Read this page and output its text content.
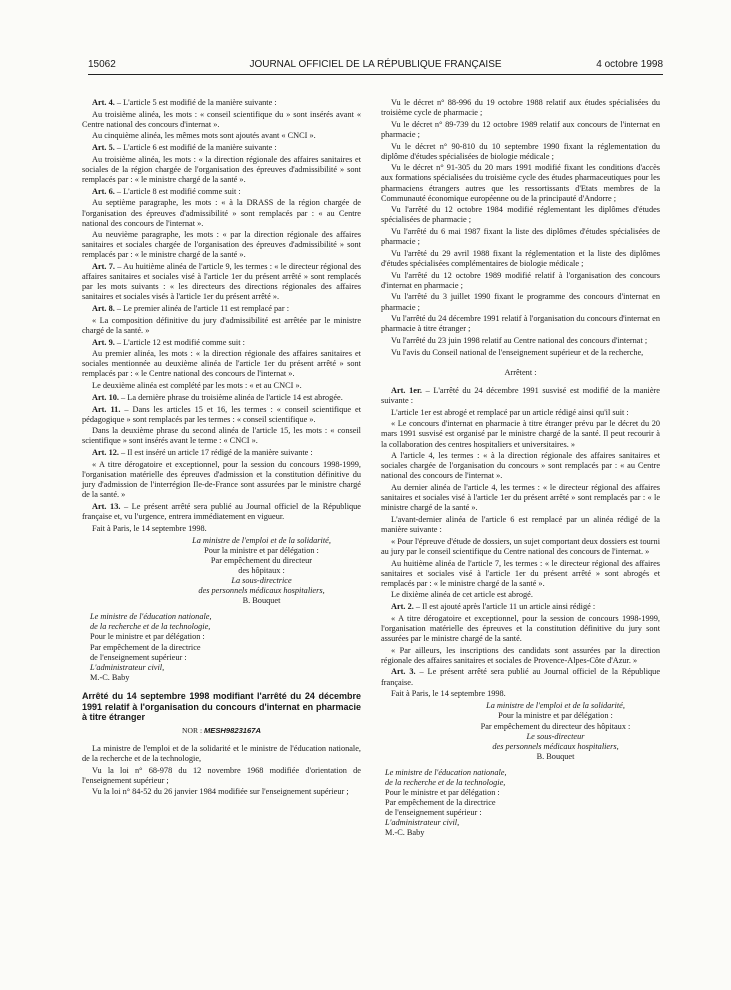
15062	JOURNAL OFFICIEL DE LA RÉPUBLIQUE FRANÇAISE	4 octobre 1998

Art. 4. – L'article 5 est modifié de la manière suivante :

Au troisième alinéa, les mots : « conseil scientifique du » sont insérés avant « Centre national des concours d'internat ».

Au cinquième alinéa, les mêmes mots sont ajoutés avant « CNCI ».

Art. 5. – L'article 6 est modifié de la manière suivante :

Au troisième alinéa, les mots : « la direction régionale des affaires sanitaires et sociales de la région chargée de l'organisation des épreuves d'admissibilité » sont remplacés par : « le ministre chargé de la santé ».

Art. 6. – L'article 8 est modifié comme suit :

Au septième paragraphe, les mots : « à la DRASS de la région chargée de l'organisation des épreuves d'admissibilité » sont remplacés par : « au Centre national des concours de l'internat ».

Au neuvième paragraphe, les mots : « par la direction régionale des affaires sanitaires et sociales chargée de l'organisation des épreuves d'admissibilité » sont remplacés par : « le ministre chargé de la santé ».

Art. 7. – Au huitième alinéa de l'article 9, les termes : « le directeur régional des affaires sanitaires et sociales visé à l'article 1er du présent arrêté » sont remplacés par les mots suivants : « les directeurs des directions régionales des affaires sanitaires et sociales visés à l'article 1er du présent arrêté ».

Art. 8. – Le premier alinéa de l'article 11 est remplacé par :

« La composition définitive du jury d'admissibilité est arrêtée par le ministre chargé de la santé. »

Art. 9. – L'article 12 est modifié comme suit :

Au premier alinéa, les mots : « la direction régionale des affaires sanitaires et sociales mentionnée au deuxième alinéa de l'article 1er du présent arrêté » sont remplacés par : « le Centre national des concours de l'internat ».

Le deuxième alinéa est complété par les mots : « et au CNCI ».

Art. 10. – La dernière phrase du troisième alinéa de l'article 14 est abrogée.

Art. 11. – Dans les articles 15 et 16, les termes : « conseil scientifique et pédagogique » sont remplacés par les termes : « conseil scientifique ».

Dans la deuxième phrase du second alinéa de l'article 15, les mots : « conseil scientifique » sont insérés avant le terme : « CNCI ».

Art. 12. – Il est inséré un article 17 rédigé de la manière suivante :

« A titre dérogatoire et exceptionnel, pour la session du concours 1998-1999, l'organisation matérielle des épreuves d'admission et la constitution définitive du jury d'admission de l'interrégion Ile-de-France sont assurées par le ministre chargé de la santé. »

Art. 13. – Le présent arrêté sera publié au Journal officiel de la République française et, vu l'urgence, entrera immédiatement en vigueur.

Fait à Paris, le 14 septembre 1998.

La ministre de l'emploi et de la solidarité,

Pour la ministre et par délégation :

Par empêchement du directeur

des hôpitaux :

La sous-directrice

des personnels médicaux hospitaliers,

B. Bouquet

Le ministre de l'éducation nationale,

de la recherche et de la technologie,

Pour le ministre et par délégation :

Par empêchement de la directrice

de l'enseignement supérieur :

L'administrateur civil,

M.-C. Baby

Arrêté du 14 septembre 1998 modifiant l'arrêté du 24 décembre 1991 relatif à l'organisation du concours d'internat en pharmacie à titre étranger

NOR : MESH9823167A

La ministre de l'emploi et de la solidarité et le ministre de l'éducation nationale, de la recherche et de la technologie,

Vu la loi n° 68-978 du 12 novembre 1968 modifiée d'orientation de l'enseignement supérieur ;

Vu la loi n° 84-52 du 26 janvier 1984 modifiée sur l'enseignement supérieur ;

Vu le décret n° 88-996 du 19 octobre 1988 relatif aux études spécialisées du troisième cycle de pharmacie ;

Vu le décret n° 89-739 du 12 octobre 1989 relatif aux concours de l'internat en pharmacie ;

Vu le décret n° 90-810 du 10 septembre 1990 fixant la réglementation du diplôme d'études spécialisées de biologie médicale ;

Vu le décret n° 91-305 du 20 mars 1991 modifié fixant les conditions d'accès aux formations spécialisées du troisième cycle des études pharmaceutiques pour les pharmaciens étrangers autres que les ressortissants d'Etats membres de la Communauté économique européenne ou de la principauté d'Andorre ;

Vu l'arrêté du 12 octobre 1984 modifié réglementant les diplômes d'études spécialisées de pharmacie ;

Vu l'arrêté du 6 mai 1987 fixant la liste des diplômes d'études spécialisées de pharmacie ;

Vu l'arrêté du 29 avril 1988 fixant la réglementation et la liste des diplômes d'études spécialisées complémentaires de biologie médicale ;

Vu l'arrêté du 12 octobre 1989 modifié relatif à l'organisation des concours d'internat en pharmacie ;

Vu l'arrêté du 3 juillet 1990 fixant le programme des concours d'internat en pharmacie ;

Vu l'arrêté du 24 décembre 1991 relatif à l'organisation du concours d'internat en pharmacie à titre étranger ;

Vu l'arrêté du 23 juin 1998 relatif au Centre national des concours d'internat ;

Vu l'avis du Conseil national de l'enseignement supérieur et de la recherche,

Arrêtent :

Art. 1er. – L'arrêté du 24 décembre 1991 susvisé est modifié de la manière suivante :

L'article 1er est abrogé et remplacé par un article rédigé ainsi qu'il suit :

« Le concours d'internat en pharmacie à titre étranger prévu par le décret du 20 mars 1991 susvisé est organisé par le ministre chargé de la santé. Il peut recourir à la collaboration des centres hospitaliers et universitaires. »

A l'article 4, les termes : « à la direction régionale des affaires sanitaires et sociales chargée de l'organisation du concours » sont remplacés par : « au Centre national des concours de l'internat ».

Au dernier alinéa de l'article 4, les termes : « le directeur régional des affaires sanitaires et sociales visé à l'article 1er du présent arrêté » sont remplacés par : « le ministre chargé de la santé ».

L'avant-dernier alinéa de l'article 6 est remplacé par un alinéa rédigé de la manière suivante :

« Pour l'épreuve d'étude de dossiers, un sujet comportant deux dossiers est tourni au jury par le conseil scientifique du Centre national des concours de l'internat. »

Au huitième alinéa de l'article 7, les termes : « le directeur régional des affaires sanitaires et sociales visé à l'article 1er du présent arrêté » sont abrogés et remplacés par : « le ministre chargé de la santé ».

Le dixième alinéa de cet article est abrogé.

Art. 2. – Il est ajouté après l'article 11 un article ainsi rédigé :

« A titre dérogatoire et exceptionnel, pour la session de concours 1998-1999, l'organisation matérielle des épreuves et la constitution définitive du jury sont assurées par le ministre chargé de la santé.

« Par ailleurs, les inscriptions des candidats sont assurées par la direction régionale des affaires sanitaires et sociales de Provence-Alpes-Côte d'Azur. »

Art. 3. – Le présent arrêté sera publié au Journal officiel de la République française.

Fait à Paris, le 14 septembre 1998.

La ministre de l'emploi et de la solidarité,

Pour la ministre et par délégation :

Par empêchement du directeur des hôpitaux :

Le sous-directeur

des personnels médicaux hospitaliers,

B. Bouquet

Le ministre de l'éducation nationale,

de la recherche et de la technologie,

Pour le ministre et par délégation :

Par empêchement de la directrice

de l'enseignement supérieur :

L'administrateur civil,

M.-C. Baby
